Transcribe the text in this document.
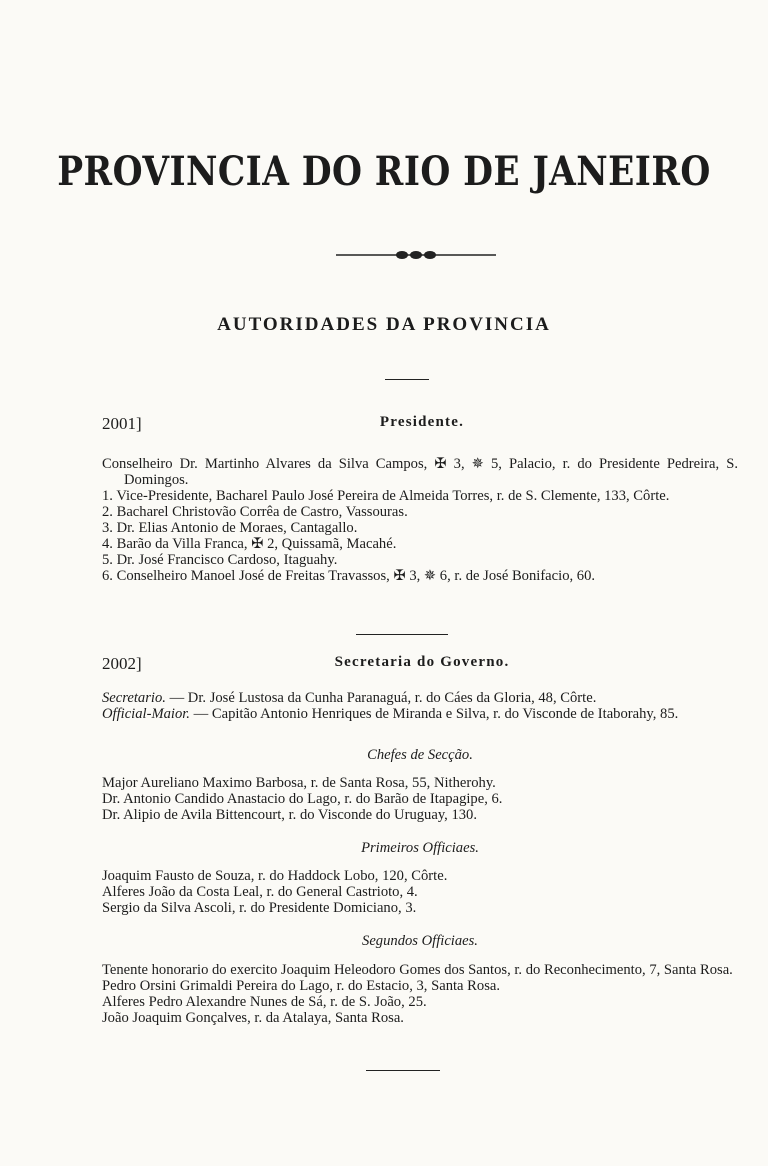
PROVINCIA DO RIO DE JANEIRO
AUTORIDADES DA PROVINCIA
2001]	Presidente.

Conselheiro Dr. Martinho Alvares da Silva Campos, ✠ 3, ✵ 5, Palacio, r. do Presidente Pedreira, S. Domingos.

1. Vice-Presidente, Bacharel Paulo José Pereira de Almeida Torres, r. de S. Clemente, 133, Côrte.

2. Bacharel Christovão Corrêa de Castro, Vassouras.

3. Dr. Elias Antonio de Moraes, Cantagallo.

4. Barão da Villa Franca, ✠ 2, Quissamã, Macahé.

5. Dr. José Francisco Cardoso, Itaguahy.

6. Conselheiro Manoel José de Freitas Travassos, ✠ 3, ✵ 6, r. de José Bonifacio, 60.

2002]	Secretaria do Governo.

Secretario. — Dr. José Lustosa da Cunha Paranaguá, r. do Cáes da Gloria, 48, Côrte.

Official-Maior. — Capitão Antonio Henriques de Miranda e Silva, r. do Visconde de Itaborahy, 85.

Chefes de Secção.

Major Aureliano Maximo Barbosa, r. de Santa Rosa, 55, Nitherohy.

Dr. Antonio Candido Anastacio do Lago, r. do Barão de Itapagipe, 6.

Dr. Alipio de Avila Bittencourt, r. do Visconde do Uruguay, 130.

Primeiros Officiaes.

Joaquim Fausto de Souza, r. do Haddock Lobo, 120, Côrte.

Alferes João da Costa Leal, r. do General Castrioto, 4.

Sergio da Silva Ascoli, r. do Presidente Domiciano, 3.

Segundos Officiaes.

Tenente honorario do exercito Joaquim Heleodoro Gomes dos Santos, r. do Reconhecimento, 7, Santa Rosa.

Pedro Orsini Grimaldi Pereira do Lago, r. do Estacio, 3, Santa Rosa.

Alferes Pedro Alexandre Nunes de Sá, r. de S. João, 25.

João Joaquim Gonçalves, r. da Atalaya, Santa Rosa.
